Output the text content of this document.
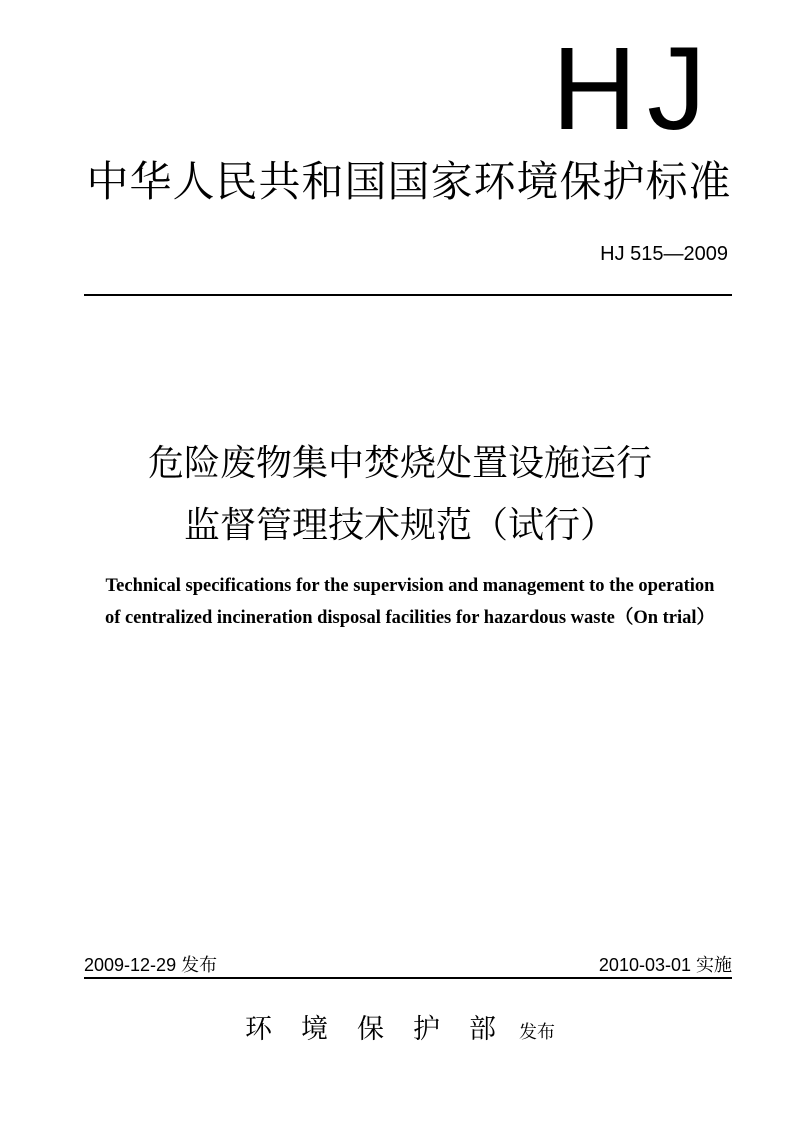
HJ
中华人民共和国国家环境保护标准
HJ 515—2009
危险废物集中焚烧处置设施运行
监督管理技术规范（试行）
Technical specifications for the supervision and management to the operation
of centralized incineration disposal facilities for hazardous waste（On trial）
2009-12-29 发布	2010-03-01 实施
环境保护部发布
